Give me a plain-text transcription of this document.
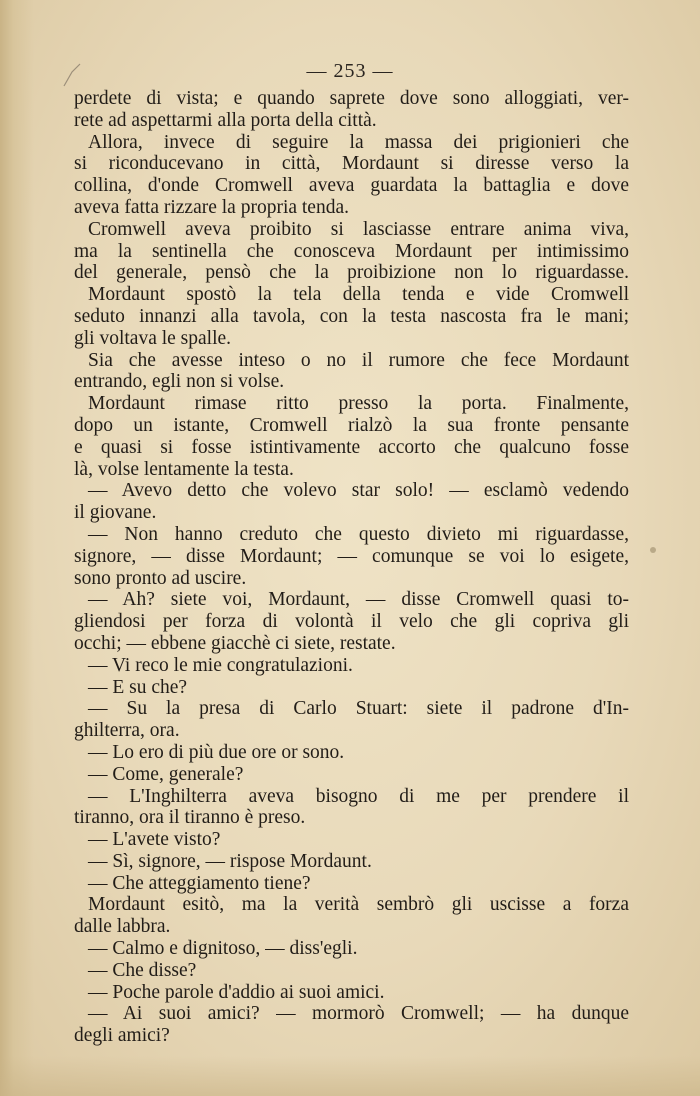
— 253 —
perdete di vista; e quando saprete dove sono alloggiati, ver-
rete ad aspettarmi alla porta della città.
Allora, invece di seguire la massa dei prigionieri che
si riconducevano in città, Mordaunt si diresse verso la
collina, d'onde Cromwell aveva guardata la battaglia e dove
aveva fatta rizzare la propria tenda.
Cromwell aveva proibito si lasciasse entrare anima viva,
ma la sentinella che conosceva Mordaunt per intimissimo
del generale, pensò che la proibizione non lo riguardasse.
Mordaunt spostò la tela della tenda e vide Cromwell
seduto innanzi alla tavola, con la testa nascosta fra le mani;
gli voltava le spalle.
Sia che avesse inteso o no il rumore che fece Mordaunt
entrando, egli non si volse.
Mordaunt rimase ritto presso la porta. Finalmente,
dopo un istante, Cromwell rialzò la sua fronte pensante
e quasi si fosse istintivamente accorto che qualcuno fosse
là, volse lentamente la testa.
— Avevo detto che volevo star solo! — esclamò vedendo
il giovane.
— Non hanno creduto che questo divieto mi riguardasse,
signore, — disse Mordaunt; — comunque se voi lo esigete,
sono pronto ad uscire.
— Ah? siete voi, Mordaunt, — disse Cromwell quasi to-
gliendosi per forza di volontà il velo che gli copriva gli
occhi; — ebbene giacchè ci siete, restate.
— Vi reco le mie congratulazioni.
— E su che?
— Su la presa di Carlo Stuart: siete il padrone d'In-
ghilterra, ora.
— Lo ero di più due ore or sono.
— Come, generale?
— L'Inghilterra aveva bisogno di me per prendere il
tiranno, ora il tiranno è preso.
— L'avete visto?
— Sì, signore, — rispose Mordaunt.
— Che atteggiamento tiene?
Mordaunt esitò, ma la verità sembrò gli uscisse a forza
dalle labbra.
— Calmo e dignitoso, — diss'egli.
— Che disse?
— Poche parole d'addio ai suoi amici.
— Ai suoi amici? — mormorò Cromwell; — ha dunque
degli amici?
